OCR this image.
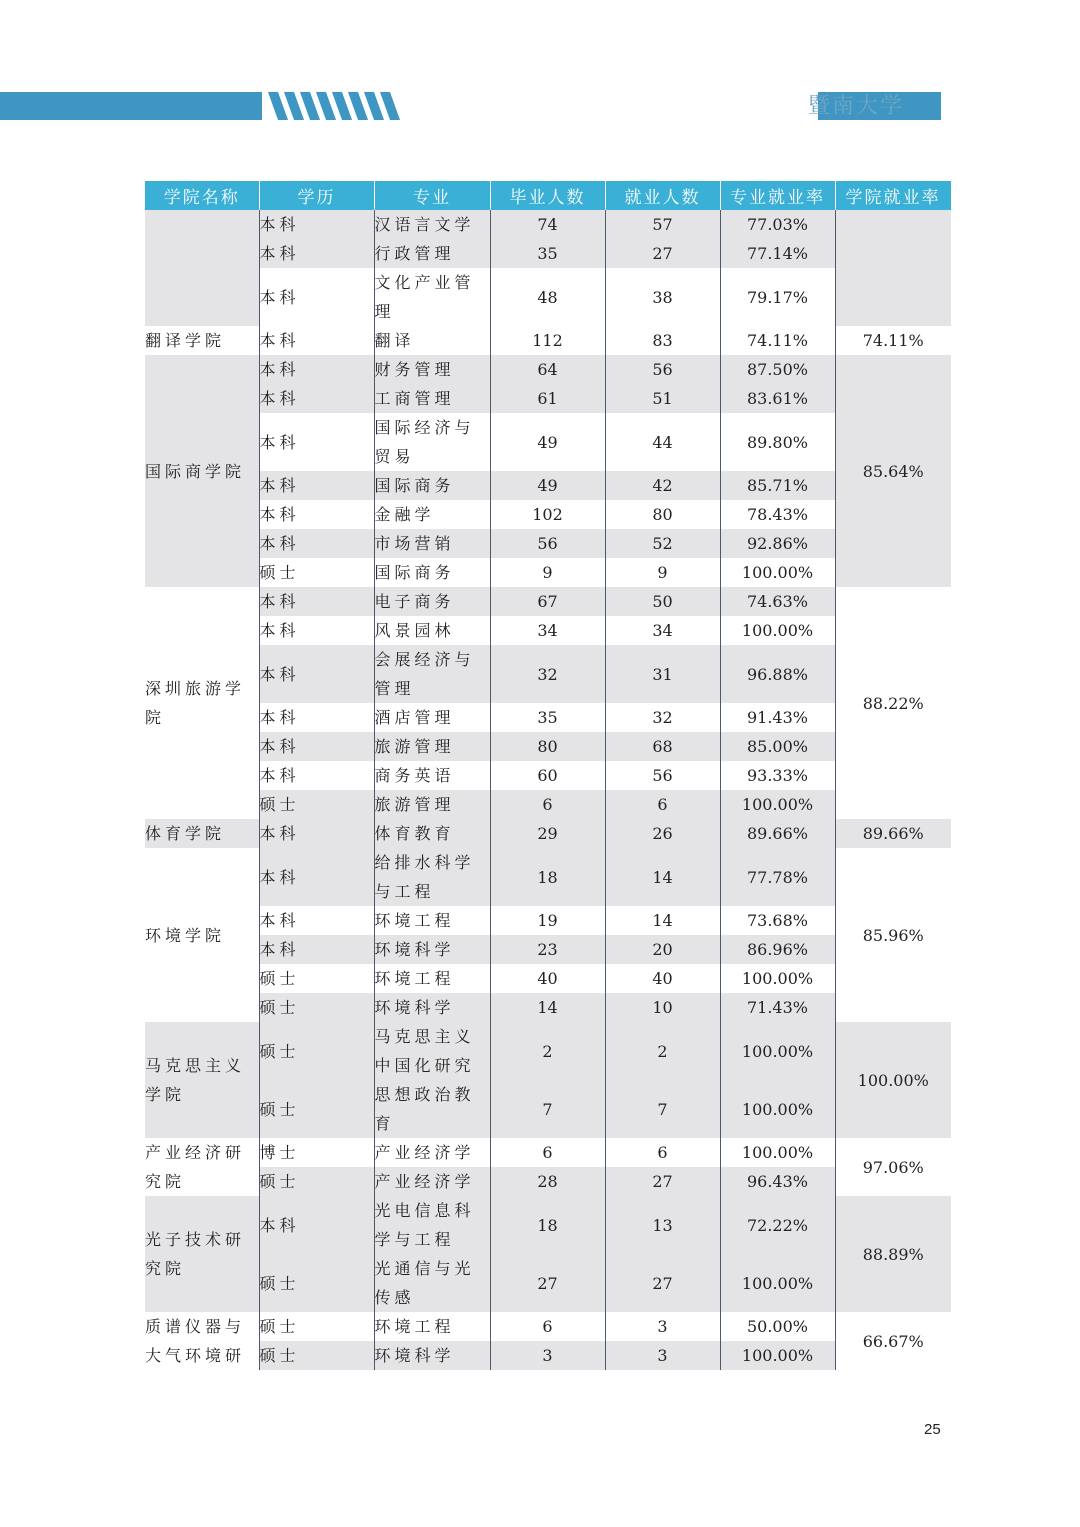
暨南大学
学院名称	学历	专业	毕业人数	就业人数	专业就业率	学院就业率
	本科	汉语言文学	74	57	77.03%	
	本科	行政管理	35	27	77.14%	
	本科	文化产业管理	48	38	79.17%	
翻译学院	本科	翻译	112	83	74.11%	74.11%
国际商学院	本科	财务管理	64	56	87.50%	85.64%
	本科	工商管理	61	51	83.61%	
	本科	国际经济与贸易	49	44	89.80%	
	本科	国际商务	49	42	85.71%	
	本科	金融学	102	80	78.43%	
	本科	市场营销	56	52	92.86%	
	硕士	国际商务	9	9	100.00%	
深圳旅游学院	本科	电子商务	67	50	74.63%	88.22%
	本科	风景园林	34	34	100.00%	
	本科	会展经济与管理	32	31	96.88%	
	本科	酒店管理	35	32	91.43%	
	本科	旅游管理	80	68	85.00%	
	本科	商务英语	60	56	93.33%	
	硕士	旅游管理	6	6	100.00%	
体育学院	本科	体育教育	29	26	89.66%	89.66%
环境学院	本科	给排水科学与工程	18	14	77.78%	85.96%
	本科	环境工程	19	14	73.68%	
	本科	环境科学	23	20	86.96%	
	硕士	环境工程	40	40	100.00%	
	硕士	环境科学	14	10	71.43%	
马克思主义学院	硕士	马克思主义中国化研究	2	2	100.00%	100.00%
	硕士	思想政治教育	7	7	100.00%	
产业经济研究院	博士	产业经济学	6	6	100.00%	97.06%
	硕士	产业经济学	28	27	96.43%	
光子技术研究院	本科	光电信息科学与工程	18	13	72.22%	88.89%
	硕士	光通信与光传感	27	27	100.00%	
质谱仪器与大气环境研	硕士	环境工程	6	3	50.00%	66.67%
	硕士	环境科学	3	3	100.00%	
25
